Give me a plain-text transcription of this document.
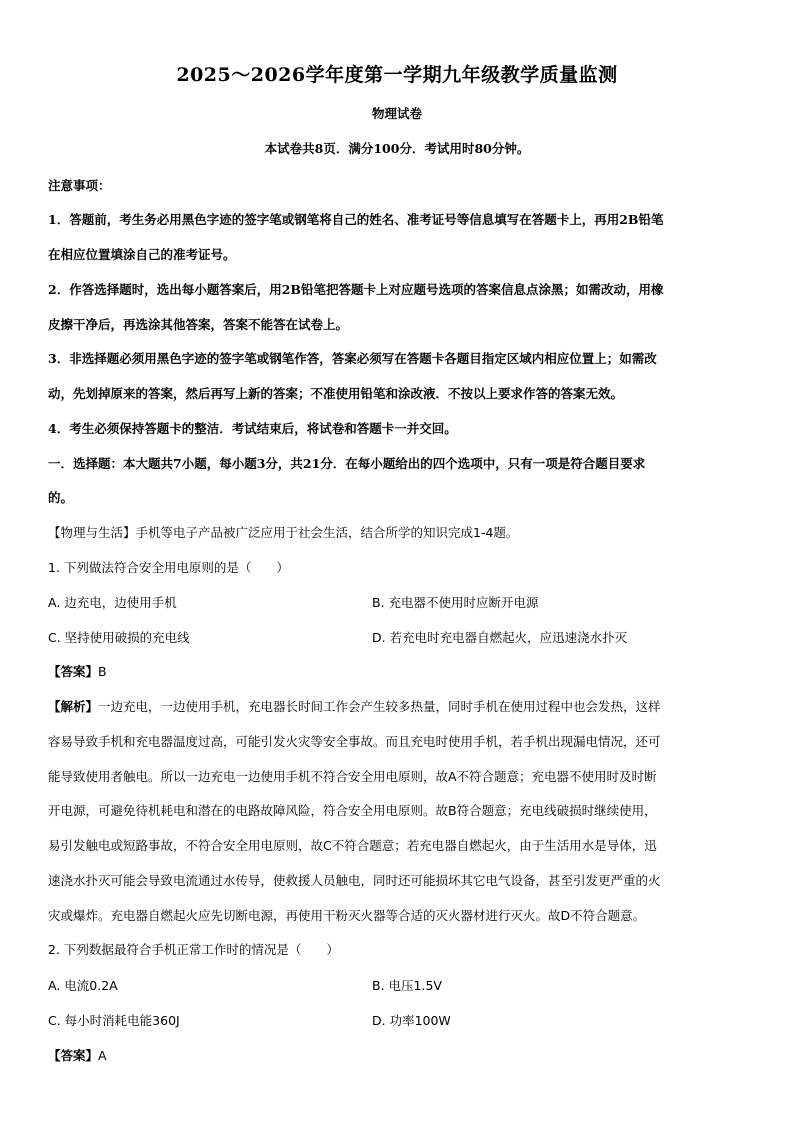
2025～2026学年度第一学期九年级教学质量监测
物理试卷
本试卷共8页．满分100分．考试用时80分钟。
注意事项：
1．答题前，考生务必用黑色字迹的签字笔或钢笔将自己的姓名、准考证号等信息填写在答题卡上，再用2B铅笔
在相应位置填涂自己的准考证号。
2．作答选择题时，选出每小题答案后，用2B铅笔把答题卡上对应题号选项的答案信息点涂黑；如需改动，用橡
皮擦干净后，再选涂其他答案，答案不能答在试卷上。
3．非选择题必须用黑色字迹的签字笔或钢笔作答，答案必须写在答题卡各题目指定区域内相应位置上；如需改
动，先划掉原来的答案，然后再写上新的答案；不准使用铅笔和涂改液．不按以上要求作答的答案无效。
4．考生必须保持答题卡的整洁．考试结束后，将试卷和答题卡一并交回。
一．选择题：本大题共7小题，每小题3分，共21分．在每小题给出的四个选项中，只有一项是符合题目要求
的。
【物理与生活】手机等电子产品被广泛应用于社会生活，结合所学的知识完成1-4题。
1. 下列做法符合安全用电原则的是（　　）
A. 边充电，边使用手机	B. 充电器不使用时应断开电源
C. 坚持使用破损的充电线	D. 若充电时充电器自燃起火，应迅速浇水扑灭
【答案】B
【解析】一边充电，一边使用手机，充电器长时间工作会产生较多热量，同时手机在使用过程中也会发热，这样
容易导致手机和充电器温度过高，可能引发火灾等安全事故。而且充电时使用手机，若手机出现漏电情况，还可
能导致使用者触电。所以一边充电一边使用手机不符合安全用电原则，故A不符合题意；充电器不使用时及时断
开电源，可避免待机耗电和潜在的电路故障风险，符合安全用电原则。故B符合题意；充电线破损时继续使用，
易引发触电或短路事故，不符合安全用电原则，故C不符合题意；若充电器自燃起火，由于生活用水是导体，迅
速浇水扑灭可能会导致电流通过水传导，使救援人员触电，同时还可能损坏其它电气设备，甚至引发更严重的火
灾或爆炸。充电器自燃起火应先切断电源，再使用干粉灭火器等合适的灭火器材进行灭火。故D不符合题意。
2. 下列数据最符合手机正常工作时的情况是（　　）
A. 电流0.2A	B. 电压1.5V
C. 每小时消耗电能360J	D. 功率100W
【答案】A
